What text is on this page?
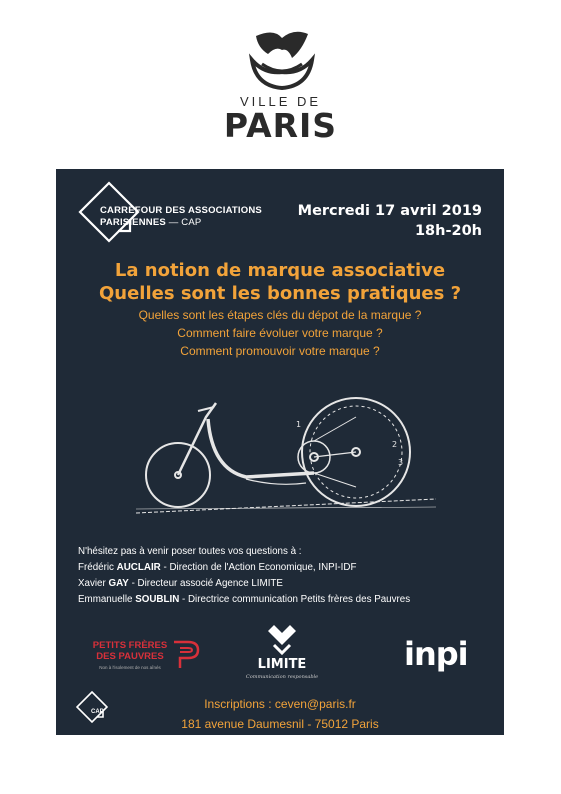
VILLE DE
PARIS
CARREFOUR DES ASSOCIATIONS
PARISIENNES — CAP
Mercredi 17 avril 2019
18h-20h
La notion de marque associative
Quelles sont les bonnes pratiques ?
Quelles sont les étapes clés du dépot de la marque ?
Comment faire évoluer votre marque ?
Comment promouvoir votre marque ?
1
2
3
N'hésitez pas à venir poser toutes vos questions à :
Frédéric AUCLAIR - Direction de l'Action Economique, INPI-IDF
Xavier GAY - Directeur associé Agence LIMITE
Emmanuelle SOUBLIN - Directrice communication Petits frères des Pauvres
PETITS FRÈRES
DES PAUVRES
Non à l'isolement de nos aînés	LIMITE
Communication responsable
inpi
CAP
Inscriptions : ceven@paris.fr
181 avenue Daumesnil - 75012 Paris
